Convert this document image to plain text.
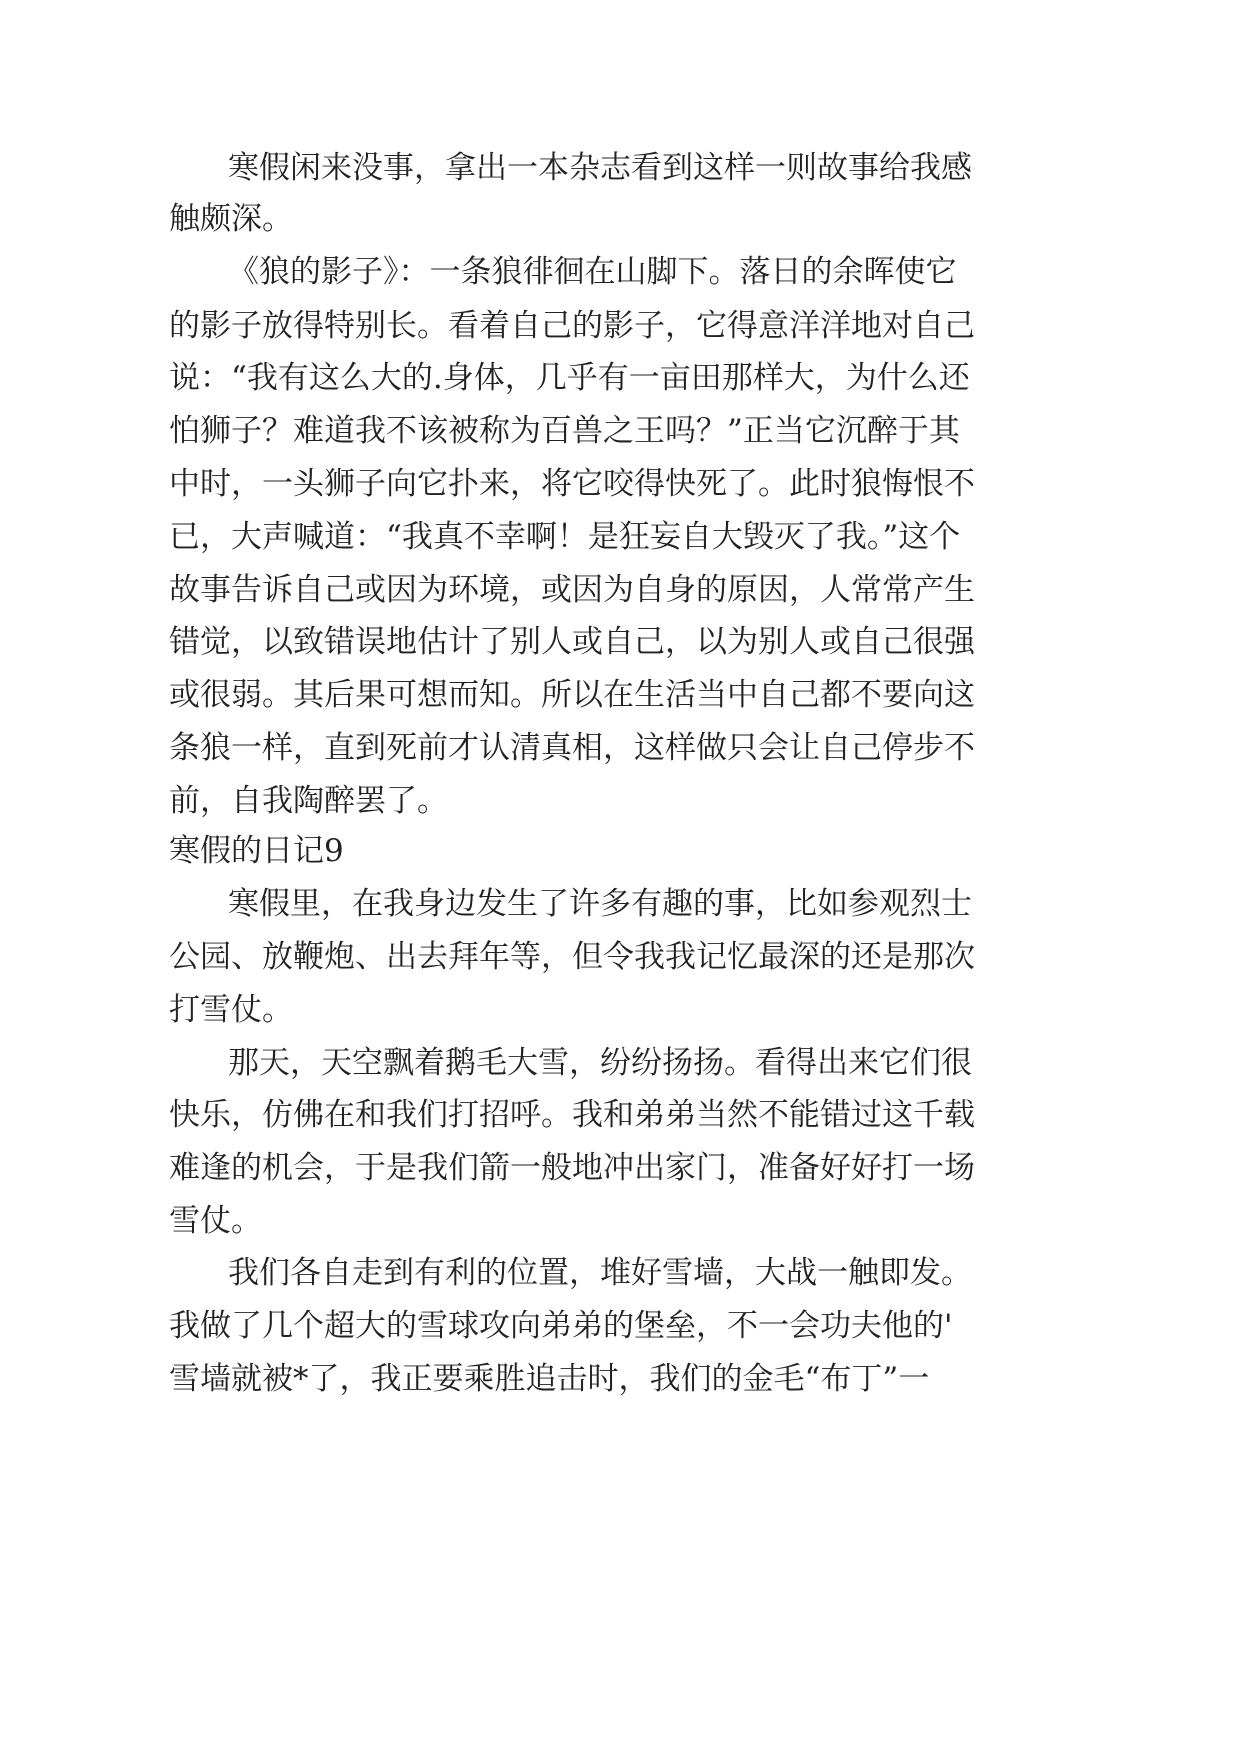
寒假闲来没事，拿出一本杂志看到这样一则故事给我感

触颇深。

《狼的影子》：一条狼徘徊在山脚下。落日的余晖使它

的影子放得特别长。看着自己的影子，它得意洋洋地对自己

说：“我有这么大的.身体，几乎有一亩田那样大，为什么还

怕狮子？难道我不该被称为百兽之王吗？”正当它沉醉于其

中时，一头狮子向它扑来，将它咬得快死了。此时狼悔恨不

已，大声喊道：“我真不幸啊！是狂妄自大毁灭了我。”这个

故事告诉自己或因为环境，或因为自身的原因，人常常产生

错觉，以致错误地估计了别人或自己，以为别人或自己很强

或很弱。其后果可想而知。所以在生活当中自己都不要向这

条狼一样，直到死前才认清真相，这样做只会让自己停步不

前，自我陶醉罢了。

寒假的日记9

寒假里，在我身边发生了许多有趣的事，比如参观烈士

公园、放鞭炮、出去拜年等，但令我我记忆最深的还是那次

打雪仗。

那天，天空飘着鹅毛大雪，纷纷扬扬。看得出来它们很

快乐，仿佛在和我们打招呼。我和弟弟当然不能错过这千载

难逢的机会，于是我们箭一般地冲出家门，准备好好打一场

雪仗。

我们各自走到有利的位置，堆好雪墙，大战一触即发。

我做了几个超大的雪球攻向弟弟的堡垒，不一会功夫他的'

雪墙就被*了，我正要乘胜追击时，我们的金毛“布丁”一
